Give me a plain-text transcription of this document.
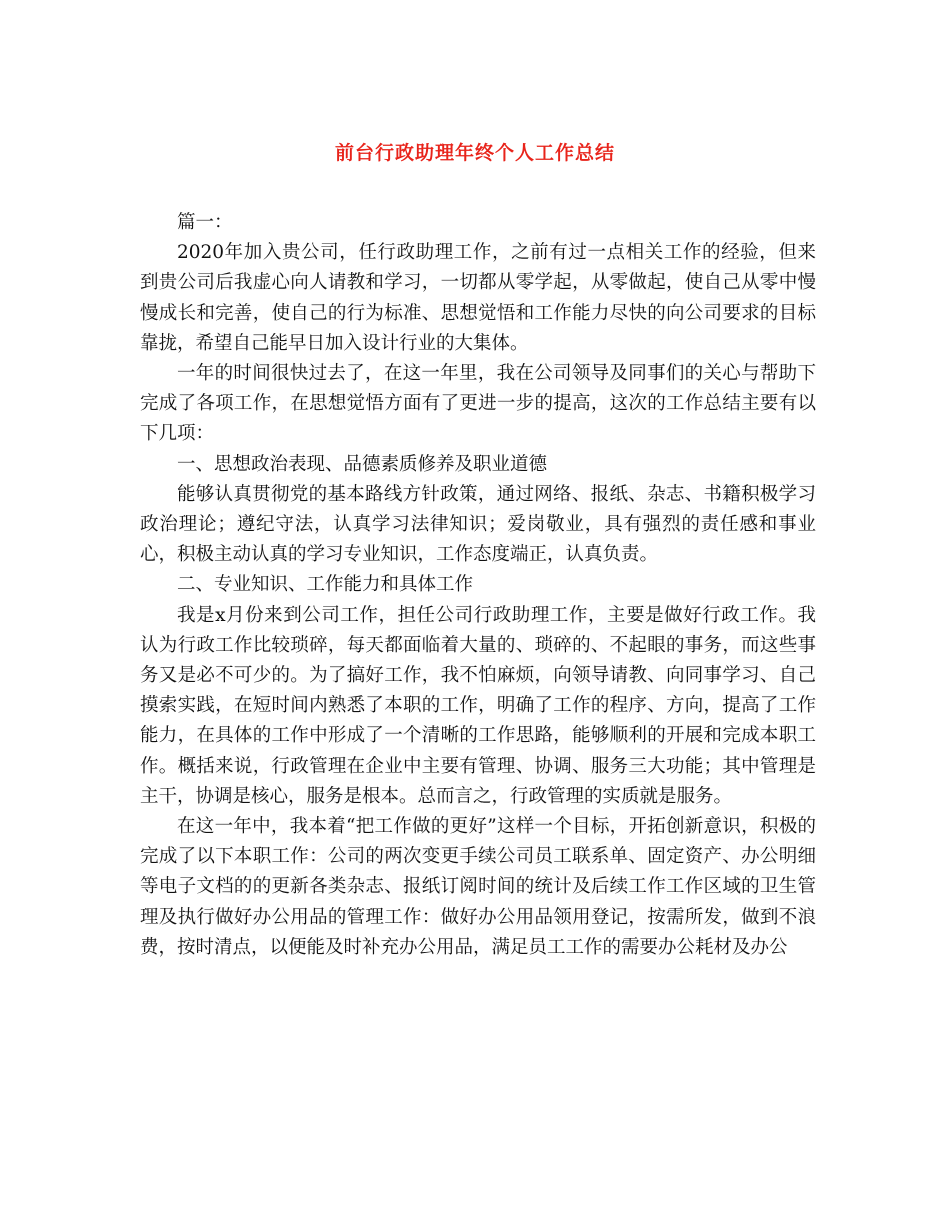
前台行政助理年终个人工作总结

篇一：

2020年加入贵公司，任行政助理工作，之前有过一点相关工作的经验，但来到贵公司后我虚心向人请教和学习，一切都从零学起，从零做起，使自己从零中慢慢成长和完善，使自己的行为标准、思想觉悟和工作能力尽快的向公司要求的目标靠拢，希望自己能早日加入设计行业的大集体。

一年的时间很快过去了，在这一年里，我在公司领导及同事们的关心与帮助下完成了各项工作，在思想觉悟方面有了更进一步的提高，这次的工作总结主要有以下几项：

一、思想政治表现、品德素质修养及职业道德

能够认真贯彻党的基本路线方针政策，通过网络、报纸、杂志、书籍积极学习政治理论；遵纪守法，认真学习法律知识；爱岗敬业，具有强烈的责任感和事业心，积极主动认真的学习专业知识，工作态度端正，认真负责。

二、专业知识、工作能力和具体工作

我是x月份来到公司工作，担任公司行政助理工作，主要是做好行政工作。我认为行政工作比较琐碎，每天都面临着大量的、琐碎的、不起眼的事务，而这些事务又是必不可少的。为了搞好工作，我不怕麻烦，向领导请教、向同事学习、自己摸索实践，在短时间内熟悉了本职的工作，明确了工作的程序、方向，提高了工作能力，在具体的工作中形成了一个清晰的工作思路，能够顺利的开展和完成本职工作。概括来说，行政管理在企业中主要有管理、协调、服务三大功能；其中管理是主干，协调是核心，服务是根本。总而言之，行政管理的实质就是服务。

在这一年中，我本着“把工作做的更好”这样一个目标，开拓创新意识，积极的完成了以下本职工作：公司的两次变更手续公司员工联系单、固定资产、办公明细等电子文档的的更新各类杂志、报纸订阅时间的统计及后续工作工作区域的卫生管理及执行做好办公用品的管理工作：做好办公用品领用登记，按需所发，做到不浪费，按时清点，以便能及时补充办公用品，满足员工工作的需要办公耗材及办公
